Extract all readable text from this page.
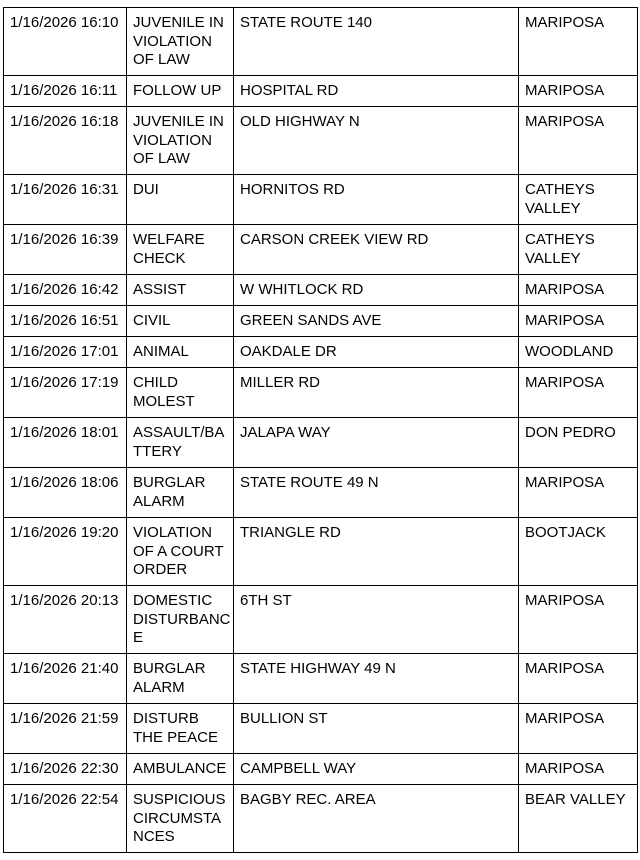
1/16/2026 16:10	JUVENILE IN VIOLATION OF LAW	STATE ROUTE 140	MARIPOSA
1/16/2026 16:11	FOLLOW UP	HOSPITAL RD	MARIPOSA
1/16/2026 16:18	JUVENILE IN VIOLATION OF LAW	OLD HIGHWAY N	MARIPOSA
1/16/2026 16:31	DUI	HORNITOS RD	CATHEYS VALLEY
1/16/2026 16:39	WELFARE CHECK	CARSON CREEK VIEW RD	CATHEYS VALLEY
1/16/2026 16:42	ASSIST	W WHITLOCK RD	MARIPOSA
1/16/2026 16:51	CIVIL	GREEN SANDS AVE	MARIPOSA
1/16/2026 17:01	ANIMAL	OAKDALE DR	WOODLAND
1/16/2026 17:19	CHILD MOLEST	MILLER RD	MARIPOSA
1/16/2026 18:01	ASSAULT/BATTERY	JALAPA WAY	DON PEDRO
1/16/2026 18:06	BURGLAR ALARM	STATE ROUTE 49 N	MARIPOSA
1/16/2026 19:20	VIOLATION OF A COURT ORDER	TRIANGLE RD	BOOTJACK
1/16/2026 20:13	DOMESTIC DISTURBANCE	6TH ST	MARIPOSA
1/16/2026 21:40	BURGLAR ALARM	STATE HIGHWAY 49 N	MARIPOSA
1/16/2026 21:59	DISTURB THE PEACE	BULLION ST	MARIPOSA
1/16/2026 22:30	AMBULANCE	CAMPBELL WAY	MARIPOSA
1/16/2026 22:54	SUSPICIOUS CIRCUMSTANCES	BAGBY REC. AREA	BEAR VALLEY
